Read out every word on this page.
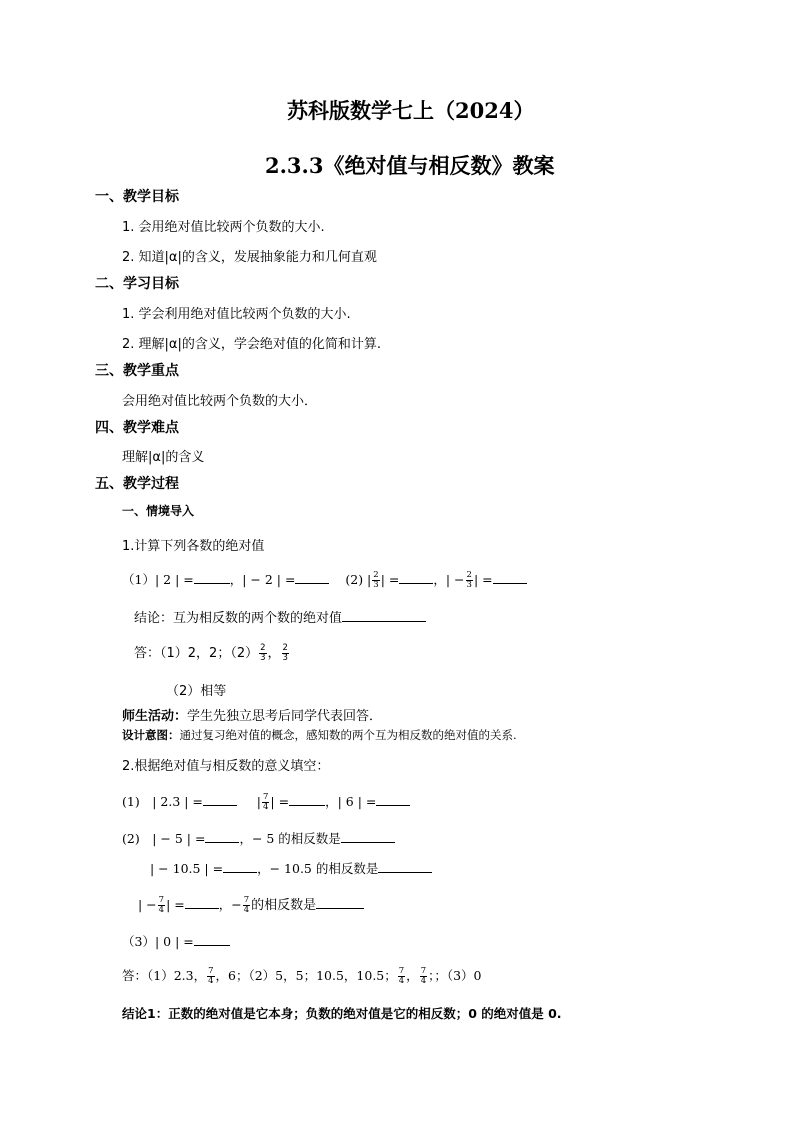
苏科版数学七上（2024）
2.3.3《绝对值与相反数》教案
一、教学目标
1. 会用绝对值比较两个负数的大小.
2. 知道|α|的含义，发展抽象能力和几何直观
二、学习目标
1. 学会利用绝对值比较两个负数的大小.
2. 理解|α|的含义，学会绝对值的化简和计算.
三、教学重点
会用绝对值比较两个负数的大小．
四、教学难点
理解|α|的含义
五、教学过程
一、情境导入
1.计算下列各数的绝对值
（1）| 2 | =	，| − 2 | =	(2) | $\frac{2}{3}$ | =	，| − $\frac{2}{3}$ | =
结论：互为相反数的两个数的绝对值
答：（1）2，2；$(2) \frac{2}{3}$ ， $\frac{2}{3}$
（2）相等
师生活动：学生先独立思考后同学代表回答．
设计意图：通过复习绝对值的概念，感知数的两个互为相反数的绝对值的关系.
2.根据绝对值与相反数的意义填空：
(1)　| 2.3 | =	| $\frac{7}{4}$ | =	，| 6 | =
(2)　| − 5 | =	，− 5 的相反数是
| − 10.5 | =	，− 10.5 的相反数是
| − $\frac{7}{4}$ | =	，− $\frac{7}{4}$ 的相反数是
（3）| 0 | =
答：（1）2.3， $\frac{7}{4}$ ，6；（2）5，5；10.5，10.5； $\frac{7}{4}$ ， $\frac{7}{4}$ ；；（3）0
结论1：正数的绝对值是它本身；负数的绝对值是它的相反数；0 的绝对值是 0.
